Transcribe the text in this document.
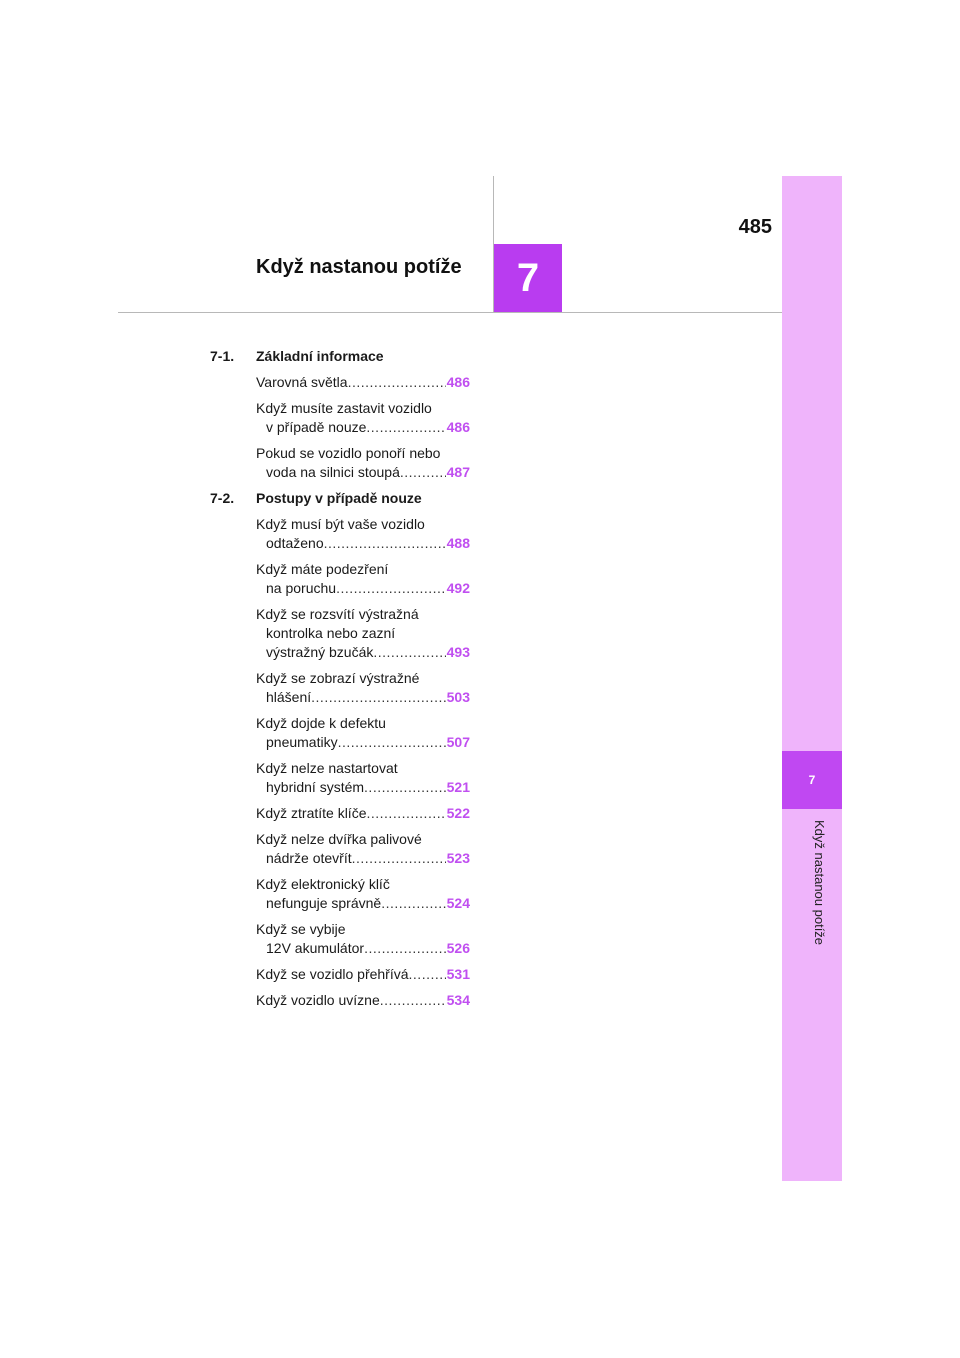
485
Když nastanou potíže	7
7
Když nastanou potíže
7-1.	Základní informace
Varovná světla .....	486
Když musíte zastavit vozidlo
v případě nouze .....	486
Pokud se vozidlo ponoří nebo
voda na silnici stoupá .....	487
7-2.	Postupy v případě nouze
Když musí být vaše vozidlo
odtaženo .....	488
Když máte podezření
na poruchu .....	492
Když se rozsvítí výstražná
kontrolka nebo zazní
výstražný bzučák .....	493
Když se zobrazí výstražné
hlášení .....	503
Když dojde k defektu
pneumatiky .....	507
Když nelze nastartovat
hybridní systém .....	521
Když ztratíte klíče .....	522
Když nelze dvířka palivové
nádrže otevřít .....	523
Když elektronický klíč
nefunguje správně .....	524
Když se vybije
12V akumulátor .....	526
Když se vozidlo přehřívá .....	531
Když vozidlo uvízne .....	534
